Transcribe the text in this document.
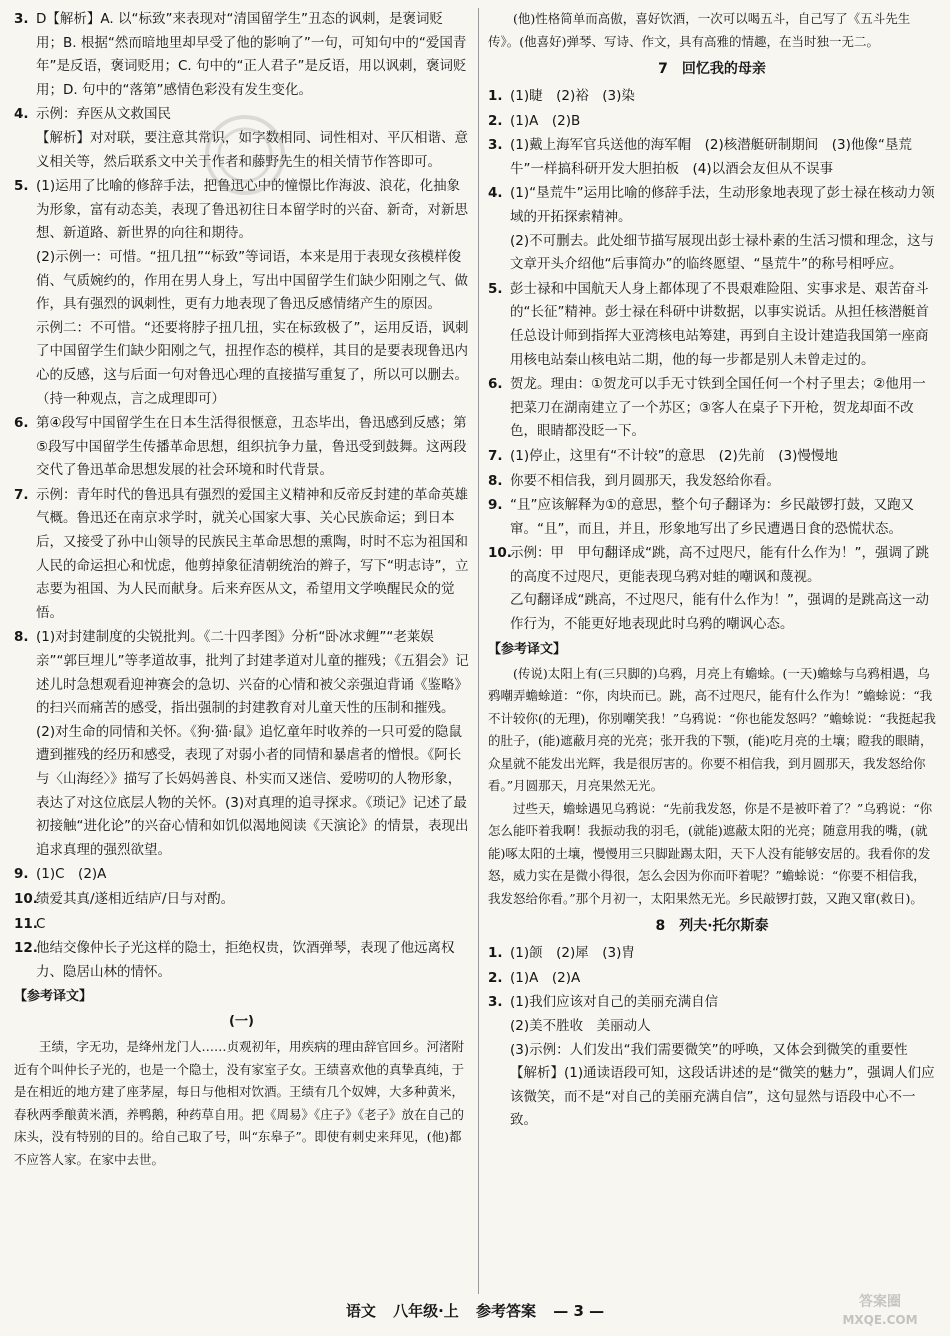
3. D【解析】A. 以“标致”来表现对“清国留学生”丑态的讽刺，是褒词贬用；B. 根据“然而暗地里却早受了他的影响了”一句，可知句中的“爱国青年”是反语，褒词贬用；C. 句中的“正人君子”是反语，用以讽刺，褒词贬用；D. 句中的“落第”感情色彩没有发生变化。

4. 示例：弃医从文救国民

【解析】对对联，要注意其常识，如字数相同、词性相对、平仄相谐、意义相关等，然后联系文中关于作者和藤野先生的相关情节作答即可。

5. (1)运用了比喻的修辞手法，把鲁迅心中的憧憬比作海波、浪花，化抽象为形象，富有动态美，表现了鲁迅初往日本留学时的兴奋、新奇，对新思想、新道路、新世界的向往和期待。

(2)示例一：可惜。“扭几扭”“标致”等词语，本来是用于表现女孩模样俊俏、气质婉约的，作用在男人身上，写出中国留学生们缺少阳刚之气、做作，具有强烈的讽刺性，更有力地表现了鲁迅反感情绪产生的原因。

示例二：不可惜。“还要将脖子扭几扭，实在标致极了”，运用反语，讽刺了中国留学生们缺少阳刚之气，扭捏作态的模样，其目的是要表现鲁迅内心的反感，这与后面一句对鲁迅心理的直接描写重复了，所以可以删去。（持一种观点，言之成理即可）

6. 第④段写中国留学生在日本生活得很惬意，丑态毕出，鲁迅感到反感；第⑤段写中国留学生传播革命思想，组织抗争力量，鲁迅受到鼓舞。这两段交代了鲁迅革命思想发展的社会环境和时代背景。

7. 示例：青年时代的鲁迅具有强烈的爱国主义精神和反帝反封建的革命英雄气概。鲁迅还在南京求学时，就关心国家大事、关心民族命运；到日本后，又接受了孙中山领导的民族民主革命思想的熏陶，时时不忘为祖国和人民的命运担心和忧虑，他剪掉象征清朝统治的辫子，写下“明志诗”，立志要为祖国、为人民而献身。后来弃医从文，希望用文学唤醒民众的觉悟。

8. (1)对封建制度的尖锐批判。《二十四孝图》分析“卧冰求鲤”“老莱娱亲”“郭巨埋儿”等孝道故事，批判了封建孝道对儿童的摧残；《五猖会》记述儿时急想观看迎神赛会的急切、兴奋的心情和被父亲强迫背诵《鉴略》的扫兴而痛苦的感受，指出强制的封建教育对儿童天性的压制和摧残。(2)对生命的同情和关怀。《狗·猫·鼠》追忆童年时收养的一只可爱的隐鼠遭到摧残的经历和感受，表现了对弱小者的同情和暴虐者的憎恨。《阿长与〈山海经〉》描写了长妈妈善良、朴实而又迷信、爱唠叨的人物形象，表达了对这位底层人物的关怀。(3)对真理的追寻探求。《琐记》记述了最初接触“进化论”的兴奋心情和如饥似渴地阅读《天演论》的情景，表现出追求真理的强烈欲望。

9. (1)C　(2)A

10.

绩爱其真/遂相近结庐/日与对酌。

11.

C

12.

他结交像仲长子光这样的隐士，拒绝权贵，饮酒弹琴，表现了他远离权力、隐居山林的情怀。

【参考译文】
(一)

王绩，字无功，是绛州龙门人……贞观初年，用疾病的理由辞官回乡。河渚附近有个叫仲长子光的，也是一个隐士，没有家室子女。王绩喜欢他的真挚真纯，于是在相近的地方建了座茅屋，每日与他相对饮酒。王绩有几个奴婢，大多种黄米，春秋两季酿黄米酒，养鸭鹅，种药草自用。把《周易》《庄子》《老子》放在自己的床头，没有特别的目的。给自己取了号，叫“东皋子”。即使有刺史来拜见，(他)都不应答人家。在家中去世。

(他)性格简单而高傲，喜好饮酒，一次可以喝五斗，自己写了《五斗先生传》。(他喜好)弹琴、写诗、作文，具有高雅的情趣，在当时独一无二。

7　回忆我的母亲
1. (1)睫　(2)裕　(3)染

2. (1)A　(2)B

3. (1)戴上海军官兵送他的海军帽　(2)核潜艇研制期间　(3)他像“垦荒牛”一样搞科研开发大胆拍板　(4)以酒会友但从不误事

4. (1)“垦荒牛”运用比喻的修辞手法，生动形象地表现了彭士禄在核动力领域的开拓探索精神。

(2)不可删去。此处细节描写展现出彭士禄朴素的生活习惯和理念，这与文章开头介绍他“后事简办”的临终愿望、“垦荒牛”的称号相呼应。

5. 彭士禄和中国航天人身上都体现了不畏艰难险阻、实事求是、艰苦奋斗的“长征”精神。彭士禄在科研中讲数据，以事实说话。从担任核潜艇首任总设计师到指挥大亚湾核电站筹建，再到自主设计建造我国第一座商用核电站秦山核电站二期，他的每一步都是别人未曾走过的。

6. 贺龙。理由：①贺龙可以手无寸铁到全国任何一个村子里去；②他用一把菜刀在湖南建立了一个苏区；③客人在桌子下开枪，贺龙却面不改色，眼睛都没眨一下。

7. (1)停止，这里有“不计较”的意思　(2)先前　(3)慢慢地

8. 你要不相信我，到月圆那天，我发怒给你看。

9. “且”应该解释为①的意思，整个句子翻译为：乡民敲锣打鼓，又跑又窜。“且”，而且，并且，形象地写出了乡民遭遇日食的恐慌状态。

10.

示例：甲　甲句翻译成“跳，高不过咫尺，能有什么作为！”，强调了跳的高度不过咫尺，更能表现乌鸦对蛙的嘲讽和蔑视。

乙句翻译成“跳高，不过咫尺，能有什么作为！”，强调的是跳高这一动作行为，不能更好地表现此时乌鸦的嘲讽心态。

【参考译文】

(传说)太阳上有(三只脚的)乌鸦，月亮上有蟾蜍。(一天)蟾蜍与乌鸦相遇，乌鸦嘲弄蟾蜍道：“你，肉块而已。跳，高不过咫尺，能有什么作为！”蟾蜍说：“我不计较你(的无理)，你别嘲笑我！”乌鸦说：“你也能发怒吗？”蟾蜍说：“我挺起我的肚子，(能)遮蔽月亮的光亮；张开我的下颚，(能)吃月亮的土壤；瞪我的眼睛，众星就不能发出光辉，我是很厉害的。你要不相信我，到月圆那天，我发怒给你看。”月圆那天，月亮果然无光。

过些天，蟾蜍遇见乌鸦说：“先前我发怒，你是不是被吓着了？”乌鸦说：“你怎么能吓着我啊！我振动我的羽毛，(就能)遮蔽太阳的光亮；随意用我的嘴，(就能)啄太阳的土壤，慢慢用三只脚趾踢太阳，天下人没有能够安居的。我看你的发怒，威力实在是微小得很，怎么会因为你而吓着呢？”蟾蜍说：“你要不相信我，我发怒给你看。”那个月初一，太阳果然无光。乡民敲锣打鼓，又跑又窜(救日)。

8　列夫·托尔斯泰
1. (1)颌　(2)犀　(3)胄

2. (1)A　(2)A

3. (1)我们应该对自己的美丽充满自信

(2)美不胜收　美丽动人

(3)示例：人们发出“我们需要微笑”的呼唤，又体会到微笑的重要性

【解析】(1)通读语段可知，这段话讲述的是“微笑的魅力”，强调人们应该微笑，而不是“对自己的美丽充满自信”，这句显然与语段中心不一致。

语文 八年级·上 参考答案 — 3 —	答案圈
MXQE.COM
